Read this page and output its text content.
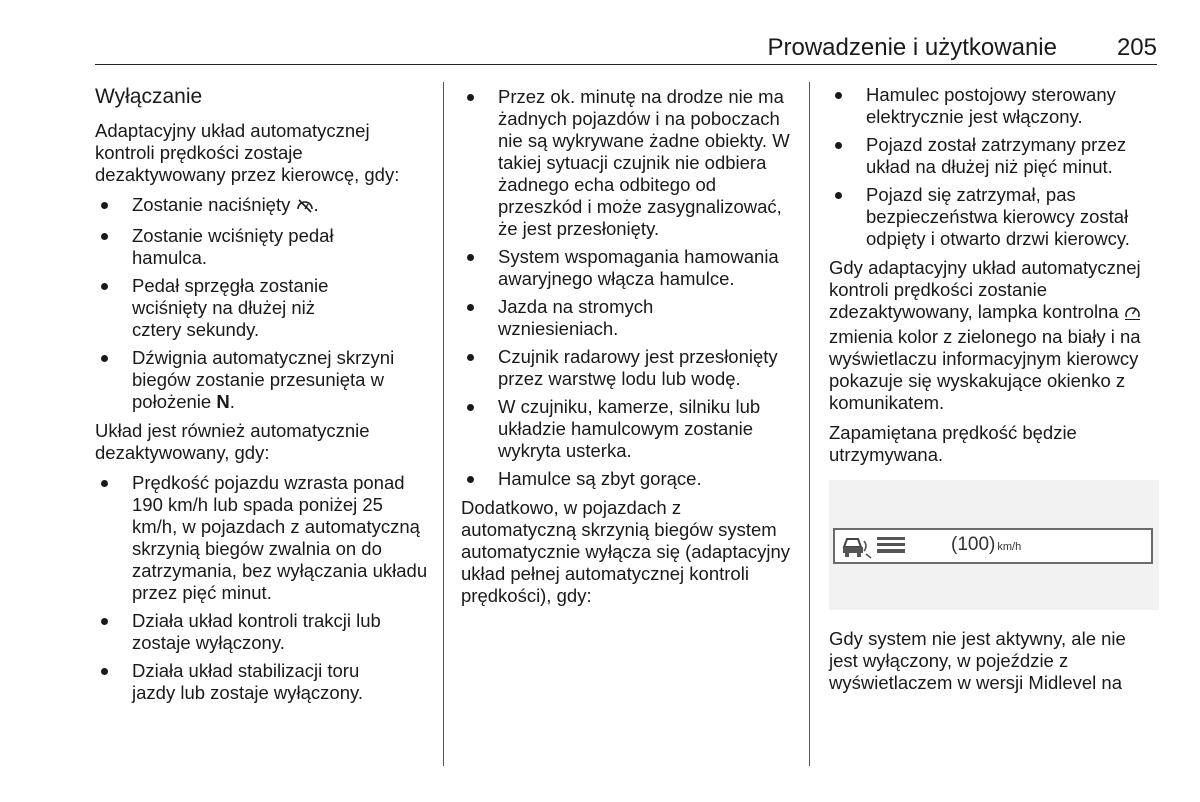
Prowadzenie i użytkowanie 205
Wyłączanie

Adaptacyjny układ automatycznej kontroli prędkości zostaje dezaktywowany przez kierowcę, gdy:

Zostanie naciśnięty .
Zostanie wciśnięty pedał hamulca.
Pedał sprzęgła zostanie wciśnięty na dłużej niż cztery sekundy.
Dźwignia automatycznej skrzyni biegów zostanie przesunięta w położenie N.

Układ jest również automatycznie dezaktywowany, gdy:

Prędkość pojazdu wzrasta ponad 190 km/h lub spada poniżej 25 km/h, w pojazdach z automatyczną skrzynią biegów zwalnia on do zatrzymania, bez wyłączania układu przez pięć minut.
Działa układ kontroli trakcji lub zostaje wyłączony.
Działa układ stabilizacji toru jazdy lub zostaje wyłączony.
Przez ok. minutę na drodze nie ma żadnych pojazdów i na poboczach nie są wykrywane żadne obiekty. W takiej sytuacji czujnik nie odbiera żadnego echa odbitego od przeszkód i może zasygnalizować, że jest przesłonięty.
System wspomagania hamowania awaryjnego włącza hamulce.
Jazda na stromych wzniesieniach.
Czujnik radarowy jest przesłonięty przez warstwę lodu lub wodę.
W czujniku, kamerze, silniku lub układzie hamulcowym zostanie wykryta usterka.
Hamulce są zbyt gorące.

Dodatkowo, w pojazdach z automatyczną skrzynią biegów system automatycznie wyłącza się (adaptacyjny układ pełnej automatycznej kontroli prędkości), gdy:

Hamulec postojowy sterowany elektrycznie jest włączony.
Pojazd został zatrzymany przez układ na dłużej niż pięć minut.
Pojazd się zatrzymał, pas bezpieczeństwa kierowcy został odpięty i otwarto drzwi kierowcy.

Gdy adaptacyjny układ automatycznej kontroli prędkości zostanie zdezaktywowany, lampka kontrolna zmienia kolor z zielonego na biały i na wyświetlaczu informacyjnym kierowcy pokazuje się wyskakujące okienko z komunikatem.

Zapamiętana prędkość będzie utrzymywana.

(100) km/h

Gdy system nie jest aktywny, ale nie jest wyłączony, w pojeździe z wyświetlaczem w wersji Midlevel na
